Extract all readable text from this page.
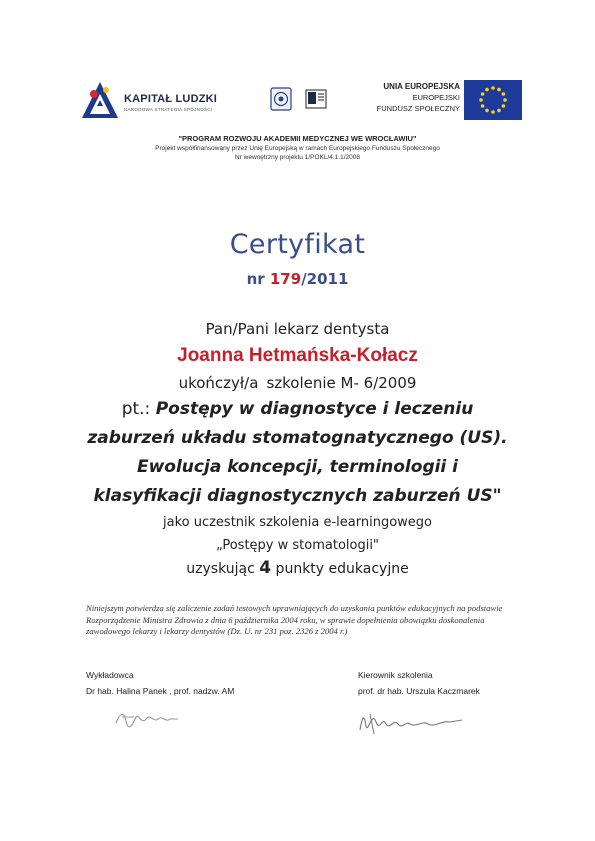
KAPITAŁ LUDZKI
NARODOWA STRATEGIA SPÓJNOŚCI
UNIA EUROPEJSKA
EUROPEJSKI
FUNDUSZ SPOŁECZNY
"PROGRAM ROZWOJU AKADEMII MEDYCZNEJ WE WROCŁAWIU"
Projekt współfinansowany przez Unię Europejską w ramach Europejskiego Funduszu Społecznego
Nr wewnętrzny projektu 1/POKL/4.1.1/2008
Certyfikat
nr 179/2011
Pan/Pani lekarz dentysta
Joanna Hetmańska-Kołacz
ukończył/a szkolenie M- 6/2009
pt.: Postępy w diagnostyce i leczeniu
zaburzeń układu stomatognatycznego (US).
Ewolucja koncepcji, terminologii i
klasyfikacji diagnostycznych zaburzeń US"
jako uczestnik szkolenia e-learningowego
„Postępy w stomatologii"
uzyskując 4 punkty edukacyjne
Niniejszym potwierdza się zaliczenie zadań testowych uprawniających do uzyskania punktów edukacyjnych na podstawie Rozporządzenie Ministra Zdrowia z dnia 6 października 2004 roku, w sprawie dopełnienia obowiązku doskonalenia zawodowego lekarzy i lekarzy dentystów (Dz. U. nr 231 poz. 2326 z 2004 r.)
Wykładowca
Dr hab. Halina Panek , prof. nadzw. AM
Kierownik szkolenia
prof. dr hab. Urszula Kaczmarek
